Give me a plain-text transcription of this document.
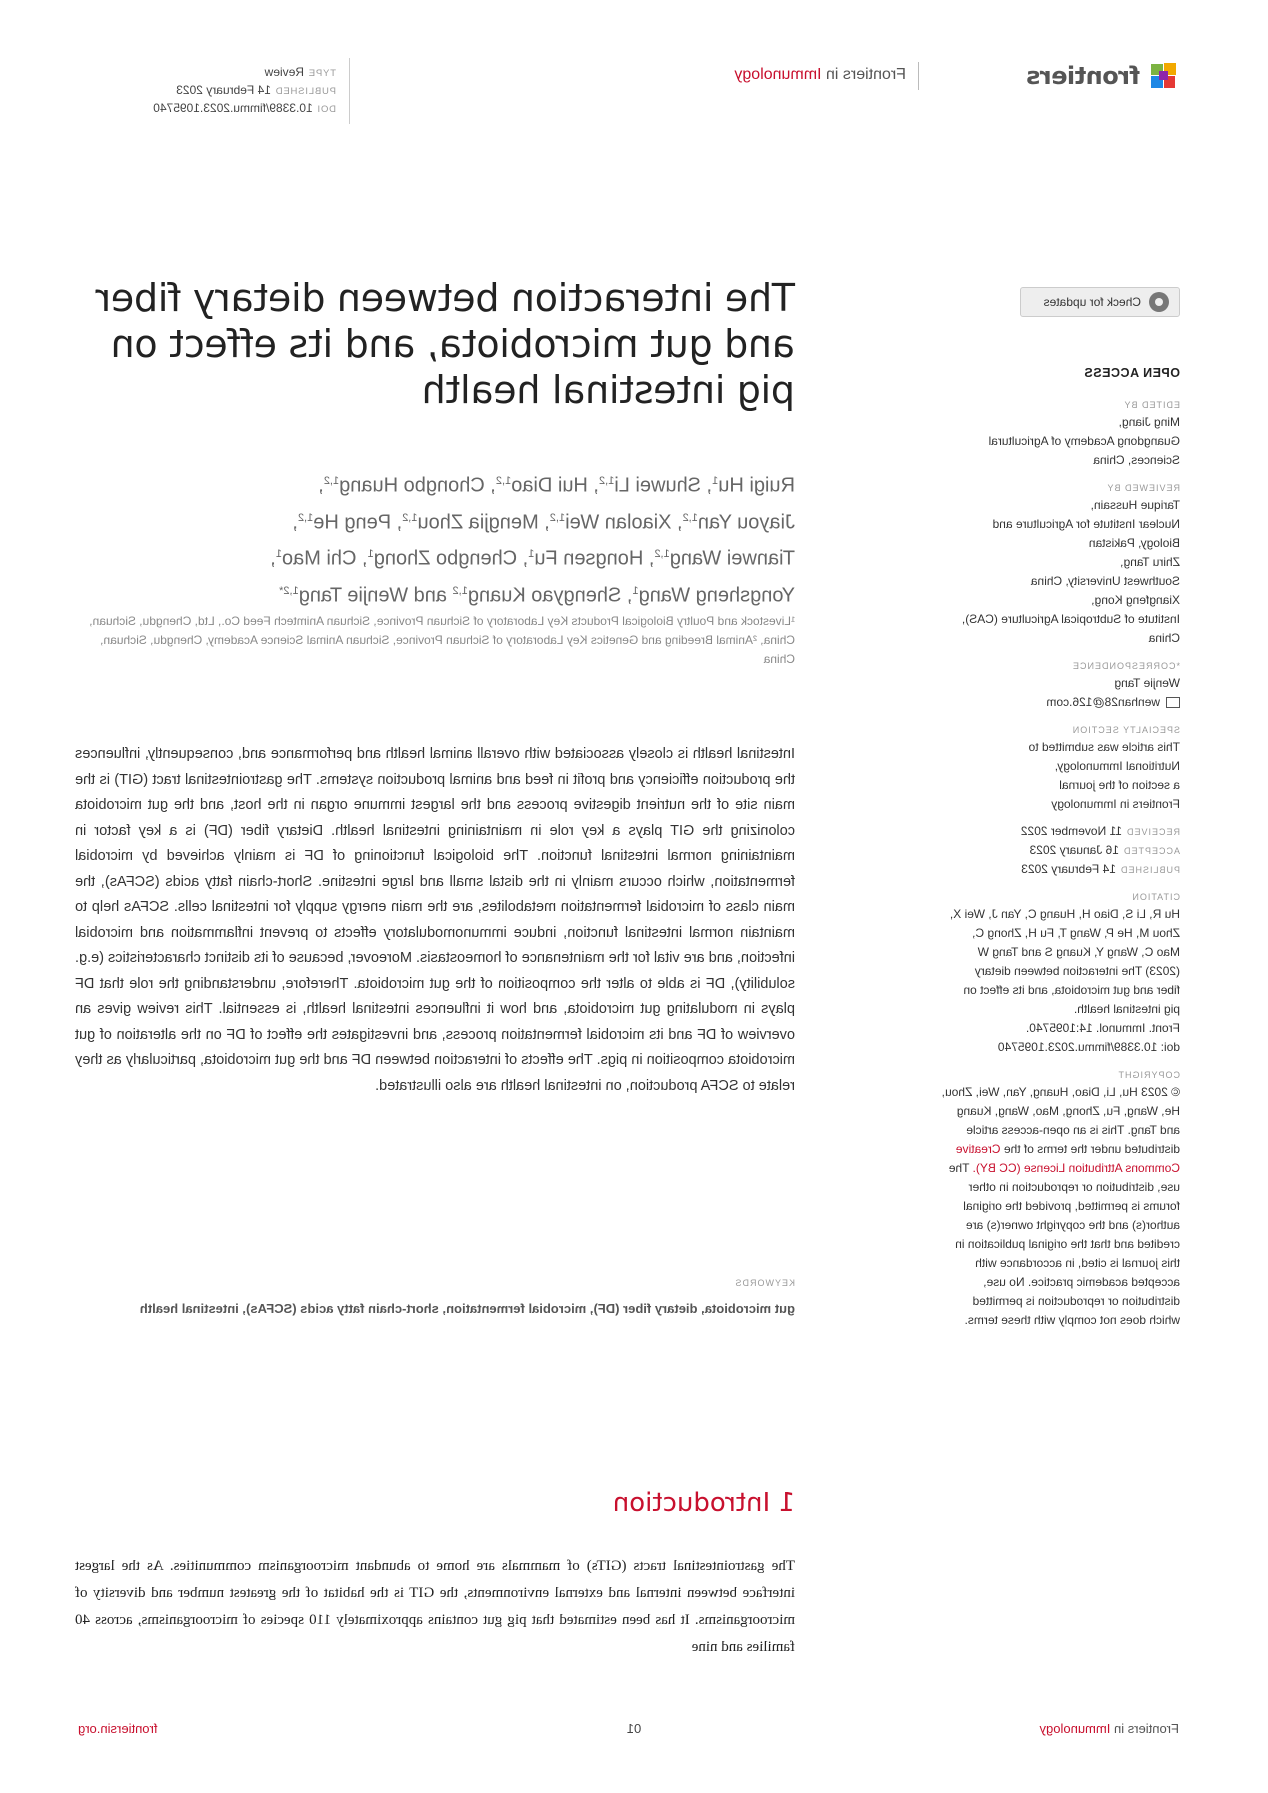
frontiers
Frontiers in Immunology
TYPEReview
PUBLISHED14 February 2023
DOI10.3389/fimmu.2023.1095740
Check for updates
OPEN ACCESS
EDITED BY
Ming Jiang,
Guangdong Academy of Agricultural
Sciences, China
REVIEWED BY
Tarique Hussain,
Nuclear Institute for Agriculture and
Biology, Pakistan
Zhiru Tang,
Southwest University, China
Xiangfeng Kong,
Institute of Subtropical Agriculture (CAS),
China
*CORRESPONDENCE
Wenjie Tang
wenhan28@126.com
SPECIALTY SECTION
This article was submitted to
Nutritional Immunology,
a section of the journal
Frontiers in Immunology
RECEIVED11 November 2022
ACCEPTED16 January 2023
PUBLISHED14 February 2023
CITATION
Hu R, Li S, Diao H, Huang C, Yan J, Wei X,
Zhou M, He P, Wang T, Fu H, Zhong C,
Mao C, Wang Y, Kuang S and Tang W
(2023) The interaction between dietary
fiber and gut microbiota, and its effect on
pig intestinal health.
Front. Immunol. 14:1095740.
doi: 10.3389/fimmu.2023.1095740
COPYRIGHT
© 2023 Hu, Li, Diao, Huang, Yan, Wei, Zhou,
He, Wang, Fu, Zhong, Mao, Wang, Kuang
and Tang. This is an open-access article
distributed under the terms of the Creative
Commons Attribution License (CC BY). The
use, distribution or reproduction in other
forums is permitted, provided the original
author(s) and the copyright owner(s) are
credited and that the original publication in
this journal is cited, in accordance with
accepted academic practice. No use,
distribution or reproduction is permitted
which does not comply with these terms.
The interaction between dietary fiber and gut microbiota, and its effect on pig intestinal health
Ruigi Hu$^1$, Shuwei Li$^{1,2}$, Hui Diao$^{1,2}$, Chongbo Huang$^{1,2}$,
Jiayou Yan$^{1,2}$, Xiaolan Wei$^{1,2}$, Mengjia Zhou$^{1,2}$, Peng He$^{1,2}$,
Tianwei Wang$^{1,2}$, Hongsen Fu$^1$, Chengbo Zhong$^1$, Chi Mao$^1$,
Yongsheng Wang$^1$, Shengyao Kuang$^{1,2}$ and Wenjie Tang$^{1,2*}$
¹Livestock and Poultry Biological Products Key Laboratory of Sichuan Province, Sichuan Animtech Feed Co., Ltd, Chengdu, Sichuan, China, ²Animal Breeding and Genetics Key Laboratory of Sichuan Province, Sichuan Animal Science Academy, Chengdu, Sichuan, China
Intestinal health is closely associated with overall animal health and performance and, consequently, influences the production efficiency and profit in feed and animal production systems. The gastrointestinal tract (GIT) is the main site of the nutrient digestive process and the largest immune organ in the host, and the gut microbiota colonizing the GIT plays a key role in maintaining intestinal health. Dietary fiber (DF) is a key factor in maintaining normal intestinal function. The biological functioning of DF is mainly achieved by microbial fermentation, which occurs mainly in the distal small and large intestine. Short-chain fatty acids (SCFAs), the main class of microbial fermentation metabolites, are the main energy supply for intestinal cells. SCFAs help to maintain normal intestinal function, induce immunomodulatory effects to prevent inflammation and microbial infection, and are vital for the maintenance of homeostasis. Moreover, because of its distinct characteristics (e.g. solubility), DF is able to alter the composition of the gut microbiota. Therefore, understanding the role that DF plays in modulating gut microbiota, and how it influences intestinal health, is essential. This review gives an overview of DF and its microbial fermentation process, and investigates the effect of DF on the alteration of gut microbiota composition in pigs. The effects of interaction between DF and the gut microbiota, particularly as they relate to SCFA production, on intestinal health are also illustrated.
KEYWORDS
gut microbiota, dietary fiber (DF), microbial fermentation, short-chain fatty acids (SCFAs), intestinal health
1 Introduction
The gastrointestinal tracts (GITs) of mammals are home to abundant microorganism communities. As the largest interface between internal and external environments, the GIT is the habitat of the greatest number and diversity of microorganisms. It has been estimated that pig gut contains approximately 110 species of microorganisms, across 40 families and nine
Frontiers in Immunology
01
frontiersin.org
